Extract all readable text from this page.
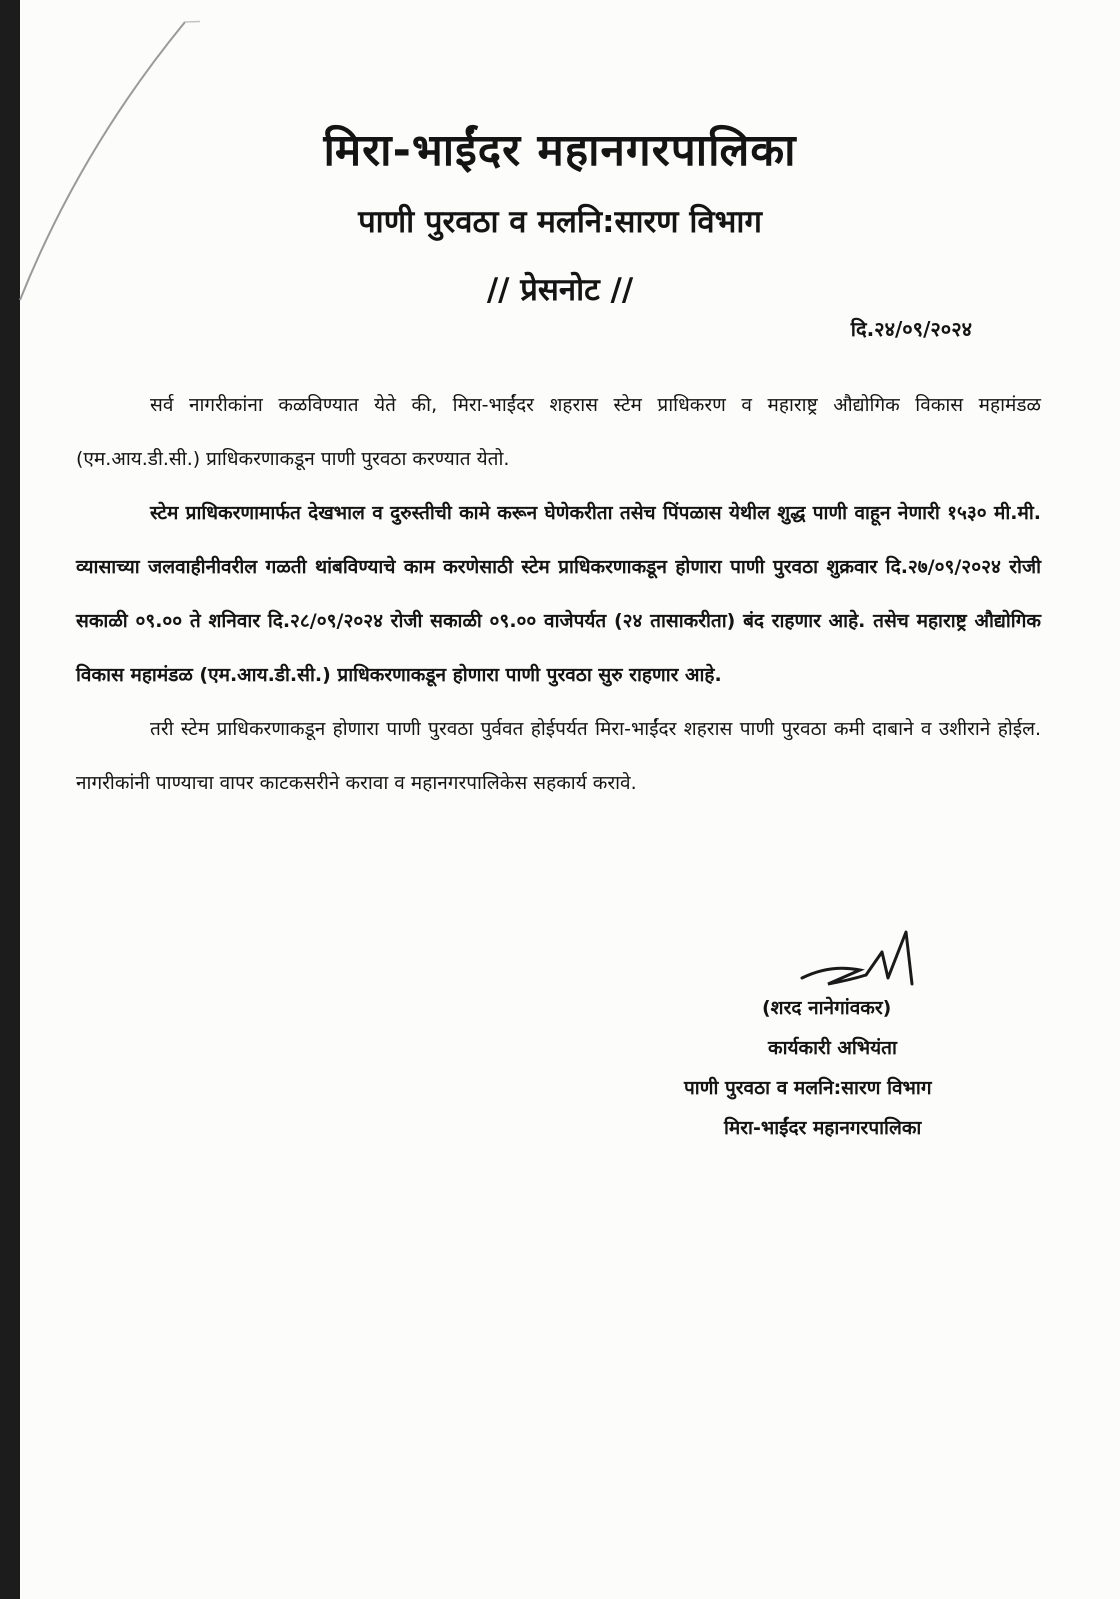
मिरा-भाईंदर महानगरपालिका
पाणी पुरवठा व मलनि:सारण विभाग
// प्रेसनोट //
दि.२४/०९/२०२४

सर्व नागरीकांना कळविण्यात येते की, मिरा-भाईंदर शहरास स्टेम प्राधिकरण व महाराष्ट्र औद्योगिक विकास महामंडळ (एम.आय.डी.सी.) प्राधिकरणाकडून पाणी पुरवठा करण्यात येतो.

स्टेम प्राधिकरणामार्फत देखभाल व दुरुस्तीची कामे करून घेणेकरीता तसेच पिंपळास येथील शुद्ध पाणी वाहून नेणारी १५३० मी.मी. व्यासाच्या जलवाहीनीवरील गळती थांबविण्याचे काम करणेसाठी स्टेम प्राधिकरणाकडून होणारा पाणी पुरवठा शुक्रवार दि.२७/०९/२०२४ रोजी सकाळी ०९.०० ते शनिवार दि.२८/०९/२०२४ रोजी सकाळी ०९.०० वाजेपर्यत (२४ तासाकरीता) बंद राहणार आहे. तसेच महाराष्ट्र औद्योगिक विकास महामंडळ (एम.आय.डी.सी.) प्राधिकरणाकडून होणारा पाणी पुरवठा सुरु राहणार आहे.

तरी स्टेम प्राधिकरणाकडून होणारा पाणी पुरवठा पुर्ववत होईपर्यत मिरा-भाईंदर शहरास पाणी पुरवठा कमी दाबाने व उशीराने होईल. नागरीकांनी पाण्याचा वापर काटकसरीने करावा व महानगरपालिकेस सहकार्य करावे.

(शरद नानेगांवकर)
कार्यकारी अभियंता
पाणी पुरवठा व मलनि:सारण विभाग
मिरा-भाईंदर महानगरपालिका
